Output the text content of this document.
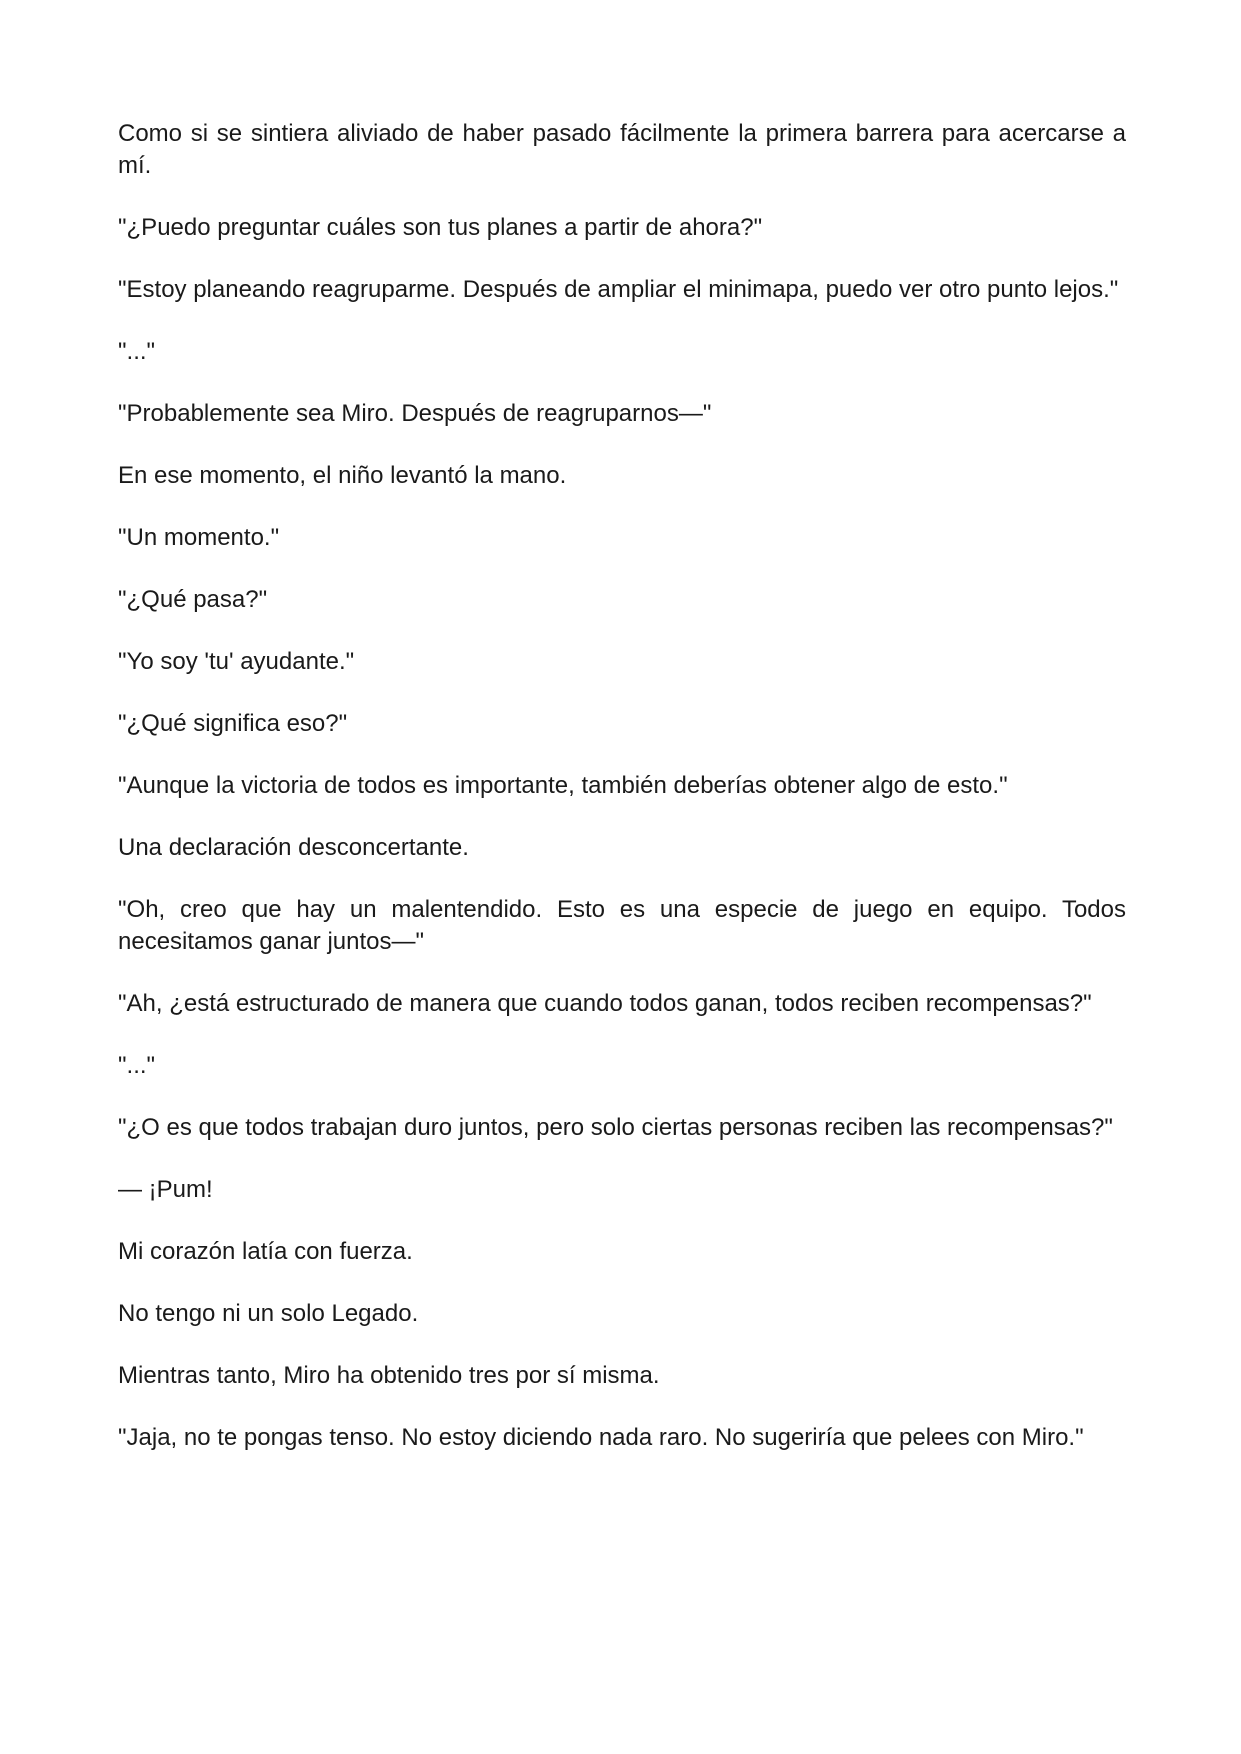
Como si se sintiera aliviado de haber pasado fácilmente la primera barrera para acercarse a mí.

"¿Puedo preguntar cuáles son tus planes a partir de ahora?"

"Estoy planeando reagruparme. Después de ampliar el minimapa, puedo ver otro punto lejos."

"..."

"Probablemente sea Miro. Después de reagruparnos—"

En ese momento, el niño levantó la mano.

"Un momento."

"¿Qué pasa?"

"Yo soy 'tu' ayudante."

"¿Qué significa eso?"

"Aunque la victoria de todos es importante, también deberías obtener algo de esto."

Una declaración desconcertante.

"Oh, creo que hay un malentendido. Esto es una especie de juego en equipo. Todos necesitamos ganar juntos—"

"Ah, ¿está estructurado de manera que cuando todos ganan, todos reciben recompensas?"

"..."

"¿O es que todos trabajan duro juntos, pero solo ciertas personas reciben las recompensas?"

— ¡Pum!

Mi corazón latía con fuerza.

No tengo ni un solo Legado.

Mientras tanto, Miro ha obtenido tres por sí misma.

"Jaja, no te pongas tenso. No estoy diciendo nada raro. No sugeriría que pelees con Miro."
